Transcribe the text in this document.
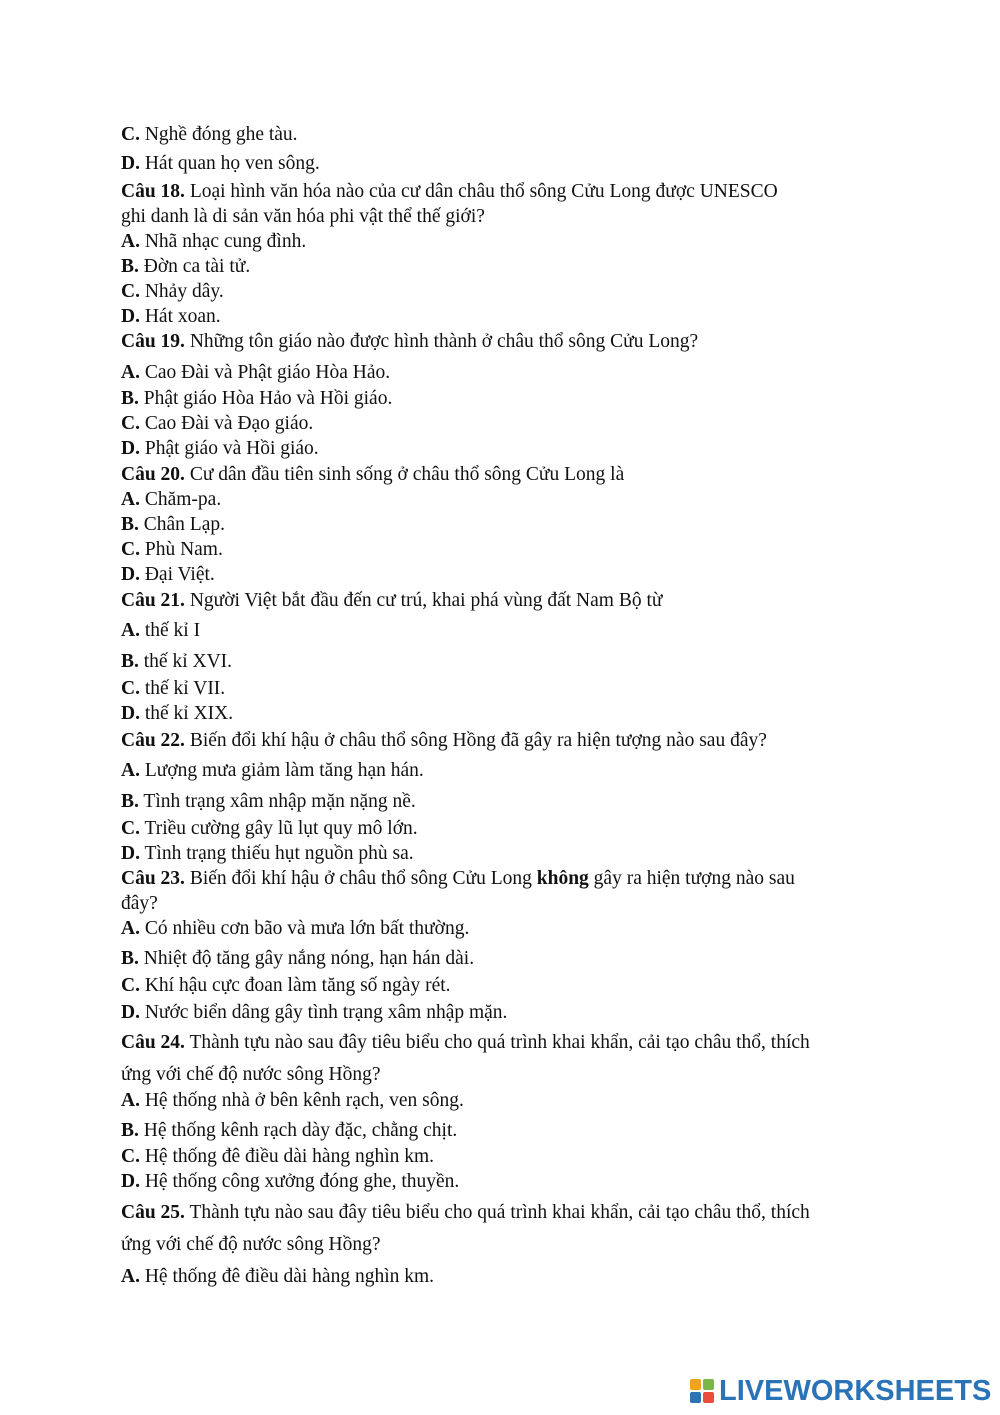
C. Nghề đóng ghe tàu.

D. Hát quan họ ven sông.

Câu 18. Loại hình văn hóa nào của cư dân châu thổ sông Cửu Long được UNESCO

ghi danh là di sản văn hóa phi vật thể thế giới?

A. Nhã nhạc cung đình.

B. Đờn ca tài tử.

C. Nhảy dây.

D. Hát xoan.

Câu 19. Những tôn giáo nào được hình thành ở châu thổ sông Cửu Long?

A. Cao Đài và Phật giáo Hòa Hảo.

B. Phật giáo Hòa Hảo và Hồi giáo.

C. Cao Đài và Đạo giáo.

D. Phật giáo và Hồi giáo.

Câu 20. Cư dân đầu tiên sinh sống ở châu thổ sông Cửu Long là

A. Chăm-pa.

B. Chân Lạp.

C. Phù Nam.

D. Đại Việt.

Câu 21. Người Việt bắt đầu đến cư trú, khai phá vùng đất Nam Bộ từ

A. thế kỉ I

B. thế kỉ XVI.

C. thế kỉ VII.

D. thế kỉ XIX.

Câu 22. Biến đổi khí hậu ở châu thổ sông Hồng đã gây ra hiện tượng nào sau đây?

A. Lượng mưa giảm làm tăng hạn hán.

B. Tình trạng xâm nhập mặn nặng nề.

C. Triều cường gây lũ lụt quy mô lớn.

D. Tình trạng thiếu hụt nguồn phù sa.

Câu 23. Biến đổi khí hậu ở châu thổ sông Cửu Long không gây ra hiện tượng nào sau

đây?

A. Có nhiều cơn bão và mưa lớn bất thường.

B. Nhiệt độ tăng gây nắng nóng, hạn hán dài.

C. Khí hậu cực đoan làm tăng số ngày rét.

D. Nước biển dâng gây tình trạng xâm nhập mặn.

Câu 24. Thành tựu nào sau đây tiêu biểu cho quá trình khai khẩn, cải tạo châu thổ, thích

ứng với chế độ nước sông Hồng?

A. Hệ thống nhà ở bên kênh rạch, ven sông.

B. Hệ thống kênh rạch dày đặc, chằng chịt.

C. Hệ thống đê điều dài hàng nghìn km.

D. Hệ thống công xưởng đóng ghe, thuyền.

Câu 25. Thành tựu nào sau đây tiêu biểu cho quá trình khai khẩn, cải tạo châu thổ, thích

ứng với chế độ nước sông Hồng?

A. Hệ thống đê điều dài hàng nghìn km.

LIVEWORKSHEETS
